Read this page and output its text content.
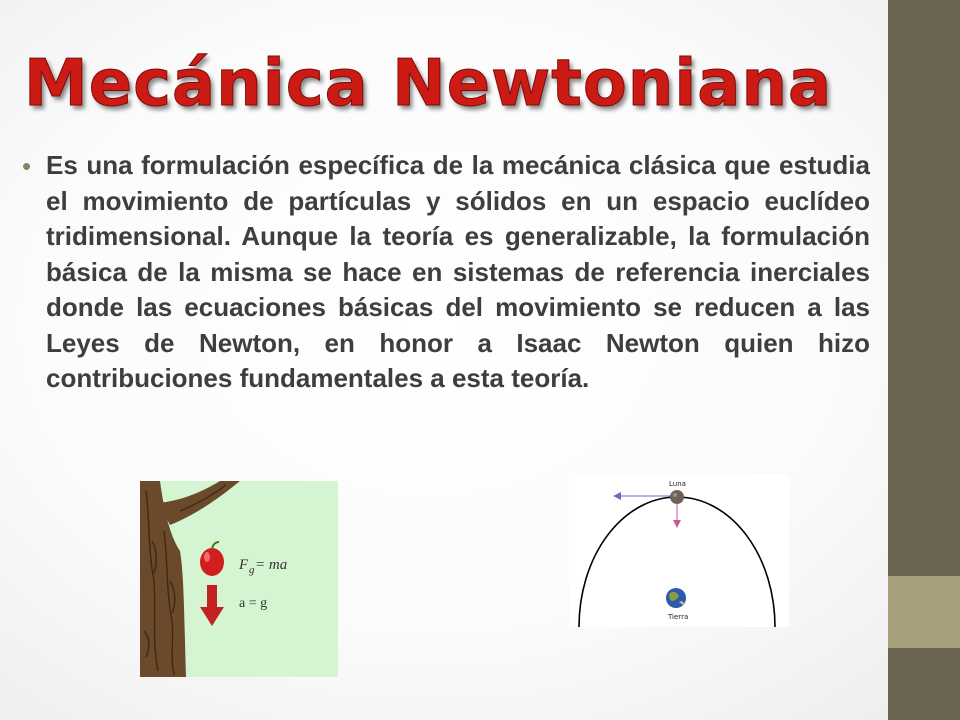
Mecánica Newtoniana
• Es una formulación específica de la mecánica clásica que estudia el movimiento de partículas y sólidos en un espacio euclídeo tridimensional. Aunque la teoría es generalizable, la formulación básica de la misma se hace en sistemas de referencia inerciales donde las ecuaciones básicas del movimiento se reducen a las Leyes de Newton, en honor a Isaac Newton quien hizo contribuciones fundamentales a esta teoría.
F g = ma
a = g
Luna
Tierra
